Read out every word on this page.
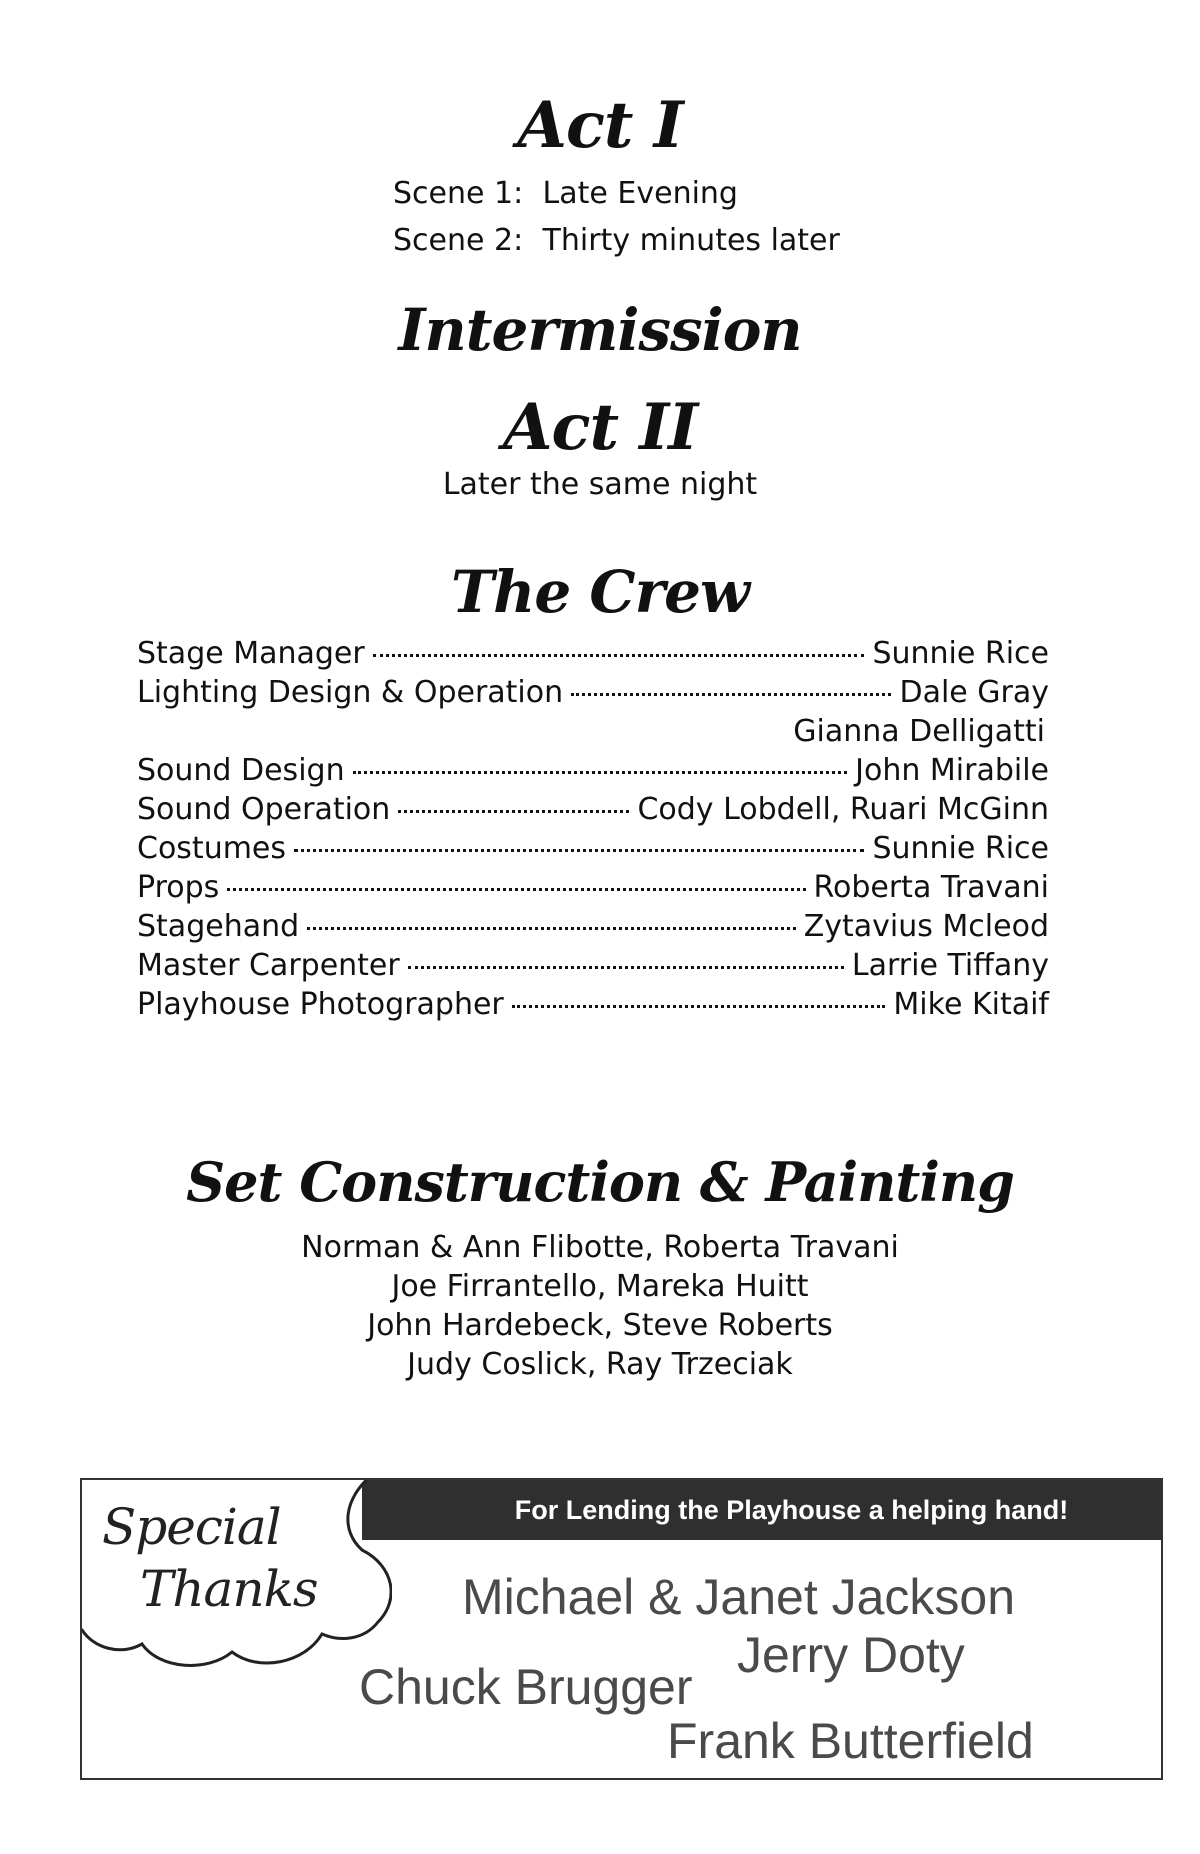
Act I
Scene 1: Late Evening
Scene 2: Thirty minutes later
Intermission
Act II
Later the same night
The Crew
Stage Manager	Sunnie Rice
Lighting Design & Operation	Dale Gray
Gianna Delligatti
Sound Design	John Mirabile
Sound Operation	Cody Lobdell, Ruari McGinn
Costumes	Sunnie Rice
Props	Roberta Travani
Stagehand	Zytavius Mcleod
Master Carpenter	Larrie Tiffany
Playhouse Photographer	Mike Kitaif
Set Construction & Painting
Norman & Ann Flibotte, Roberta Travani
Joe Firrantello, Mareka Huitt
John Hardebeck, Steve Roberts
Judy Coslick, Ray Trzeciak
For Lending the Playhouse a helping hand!
Special
Thanks	Michael & Janet Jackson
Jerry Doty
Chuck Brugger
Frank Butterfield
